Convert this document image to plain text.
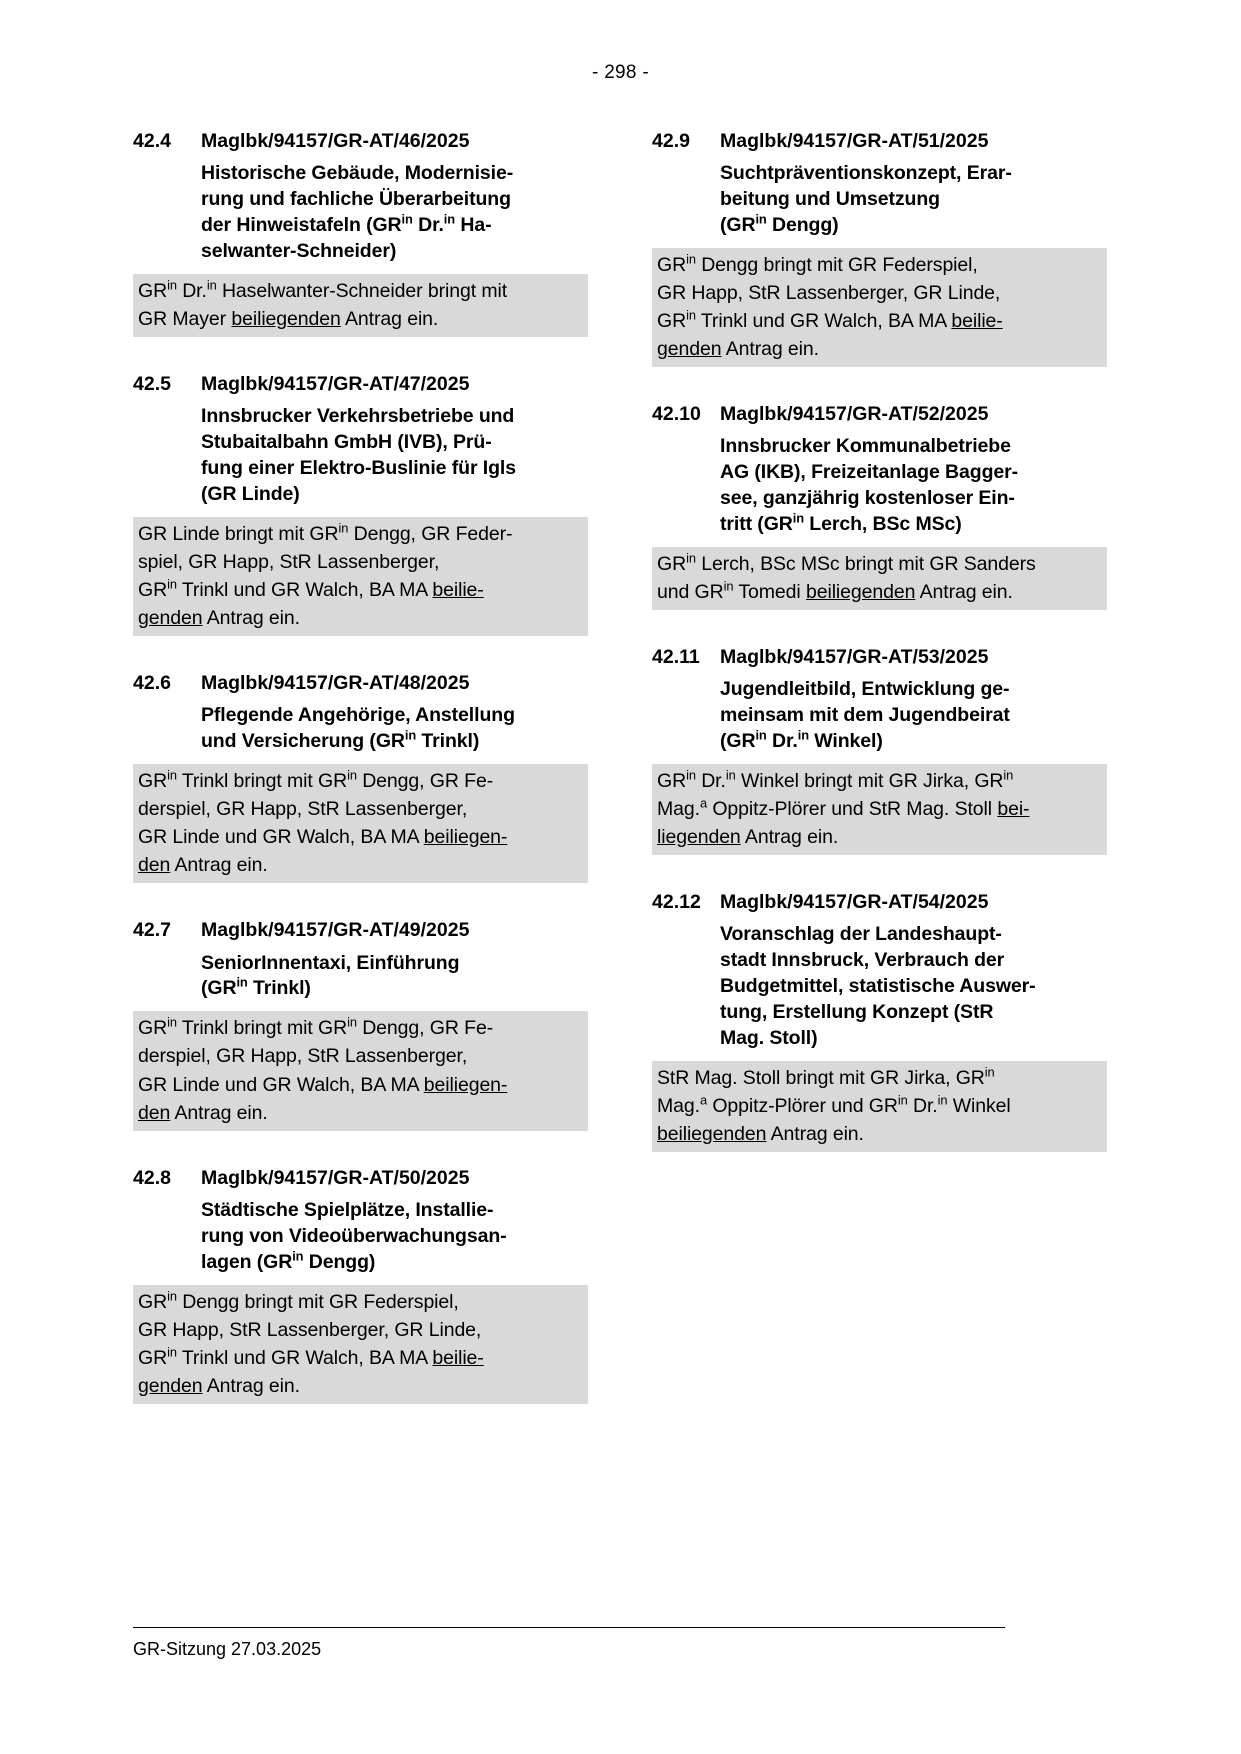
- 298 -
42.4	Maglbk/94157/GR-AT/46/2025
Historische Gebäude, Modernisie-
rung und fachliche Überarbeitung
der Hinweistafeln ($GR^{in}$ Dr.$^{in}$ Ha-
selwanter-Schneider)
$GR^{in}$ Dr.$^{in}$ Haselwanter-Schneider bringt mit
GR Mayer beiliegenden Antrag ein.
42.5	Maglbk/94157/GR-AT/47/2025
Innsbrucker Verkehrsbetriebe und
Stubaitalbahn GmbH (IVB), Prü-
fung einer Elektro-Buslinie für Igls
(GR Linde)
GR Linde bringt mit $GR^{in}$ Dengg, GR Feder-
spiel, GR Happ, StR Lassenberger,
$GR^{in}$ Trinkl und GR Walch, BA MA beilie-
genden Antrag ein.
42.6	Maglbk/94157/GR-AT/48/2025
Pflegende Angehörige, Anstellung
und Versicherung ($GR^{in}$ Trinkl)
$GR^{in}$ Trinkl bringt mit $GR^{in}$ Dengg, GR Fe-
derspiel, GR Happ, StR Lassenberger,
GR Linde und GR Walch, BA MA beiliegen-
den Antrag ein.
42.7	Maglbk/94157/GR-AT/49/2025
SeniorInnentaxi, Einführung
($GR^{in}$ Trinkl)
$GR^{in}$ Trinkl bringt mit $GR^{in}$ Dengg, GR Fe-
derspiel, GR Happ, StR Lassenberger,
GR Linde und GR Walch, BA MA beiliegen-
den Antrag ein.
42.8	Maglbk/94157/GR-AT/50/2025
Städtische Spielplätze, Installie-
rung von Videoüberwachungsan-
lagen ($GR^{in}$ Dengg)
$GR^{in}$ Dengg bringt mit GR Federspiel,
GR Happ, StR Lassenberger, GR Linde,
$GR^{in}$ Trinkl und GR Walch, BA MA beilie-
genden Antrag ein.
42.9	Maglbk/94157/GR-AT/51/2025
Suchtpräventionskonzept, Erar-
beitung und Umsetzung
($GR^{in}$ Dengg)
$GR^{in}$ Dengg bringt mit GR Federspiel,
GR Happ, StR Lassenberger, GR Linde,
$GR^{in}$ Trinkl und GR Walch, BA MA beilie-
genden Antrag ein.
42.10 Maglbk/94157/GR-AT/52/2025
Innsbrucker Kommunalbetriebe
AG (IKB), Freizeitanlage Bagger-
see, ganzjährig kostenloser Ein-
tritt ($GR^{in}$ Lerch, BSc MSc)
$GR^{in}$ Lerch, BSc MSc bringt mit GR Sanders
und $GR^{in}$ Tomedi beiliegenden Antrag ein.
42.11	Maglbk/94157/GR-AT/53/2025
Jugendleitbild, Entwicklung ge-
meinsam mit dem Jugendbeirat
($GR^{in}$ Dr.$^{in}$ Winkel)
$GR^{in}$ Dr.$^{in}$ Winkel bringt mit GR Jirka, $GR^{in}$
Mag.$^a$ Oppitz-Plörer und StR Mag. Stoll bei-
liegenden Antrag ein.
42.12 Maglbk/94157/GR-AT/54/2025
Voranschlag der Landeshaupt-
stadt Innsbruck, Verbrauch der
Budgetmittel, statistische Auswer-
tung, Erstellung Konzept (StR
Mag. Stoll)
StR Mag. Stoll bringt mit GR Jirka, $GR^{in}$
Mag.$^a$ Oppitz-Plörer und $GR^{in}$ Dr.$^{in}$ Winkel
beiliegenden Antrag ein.
GR-Sitzung 27.03.2025
